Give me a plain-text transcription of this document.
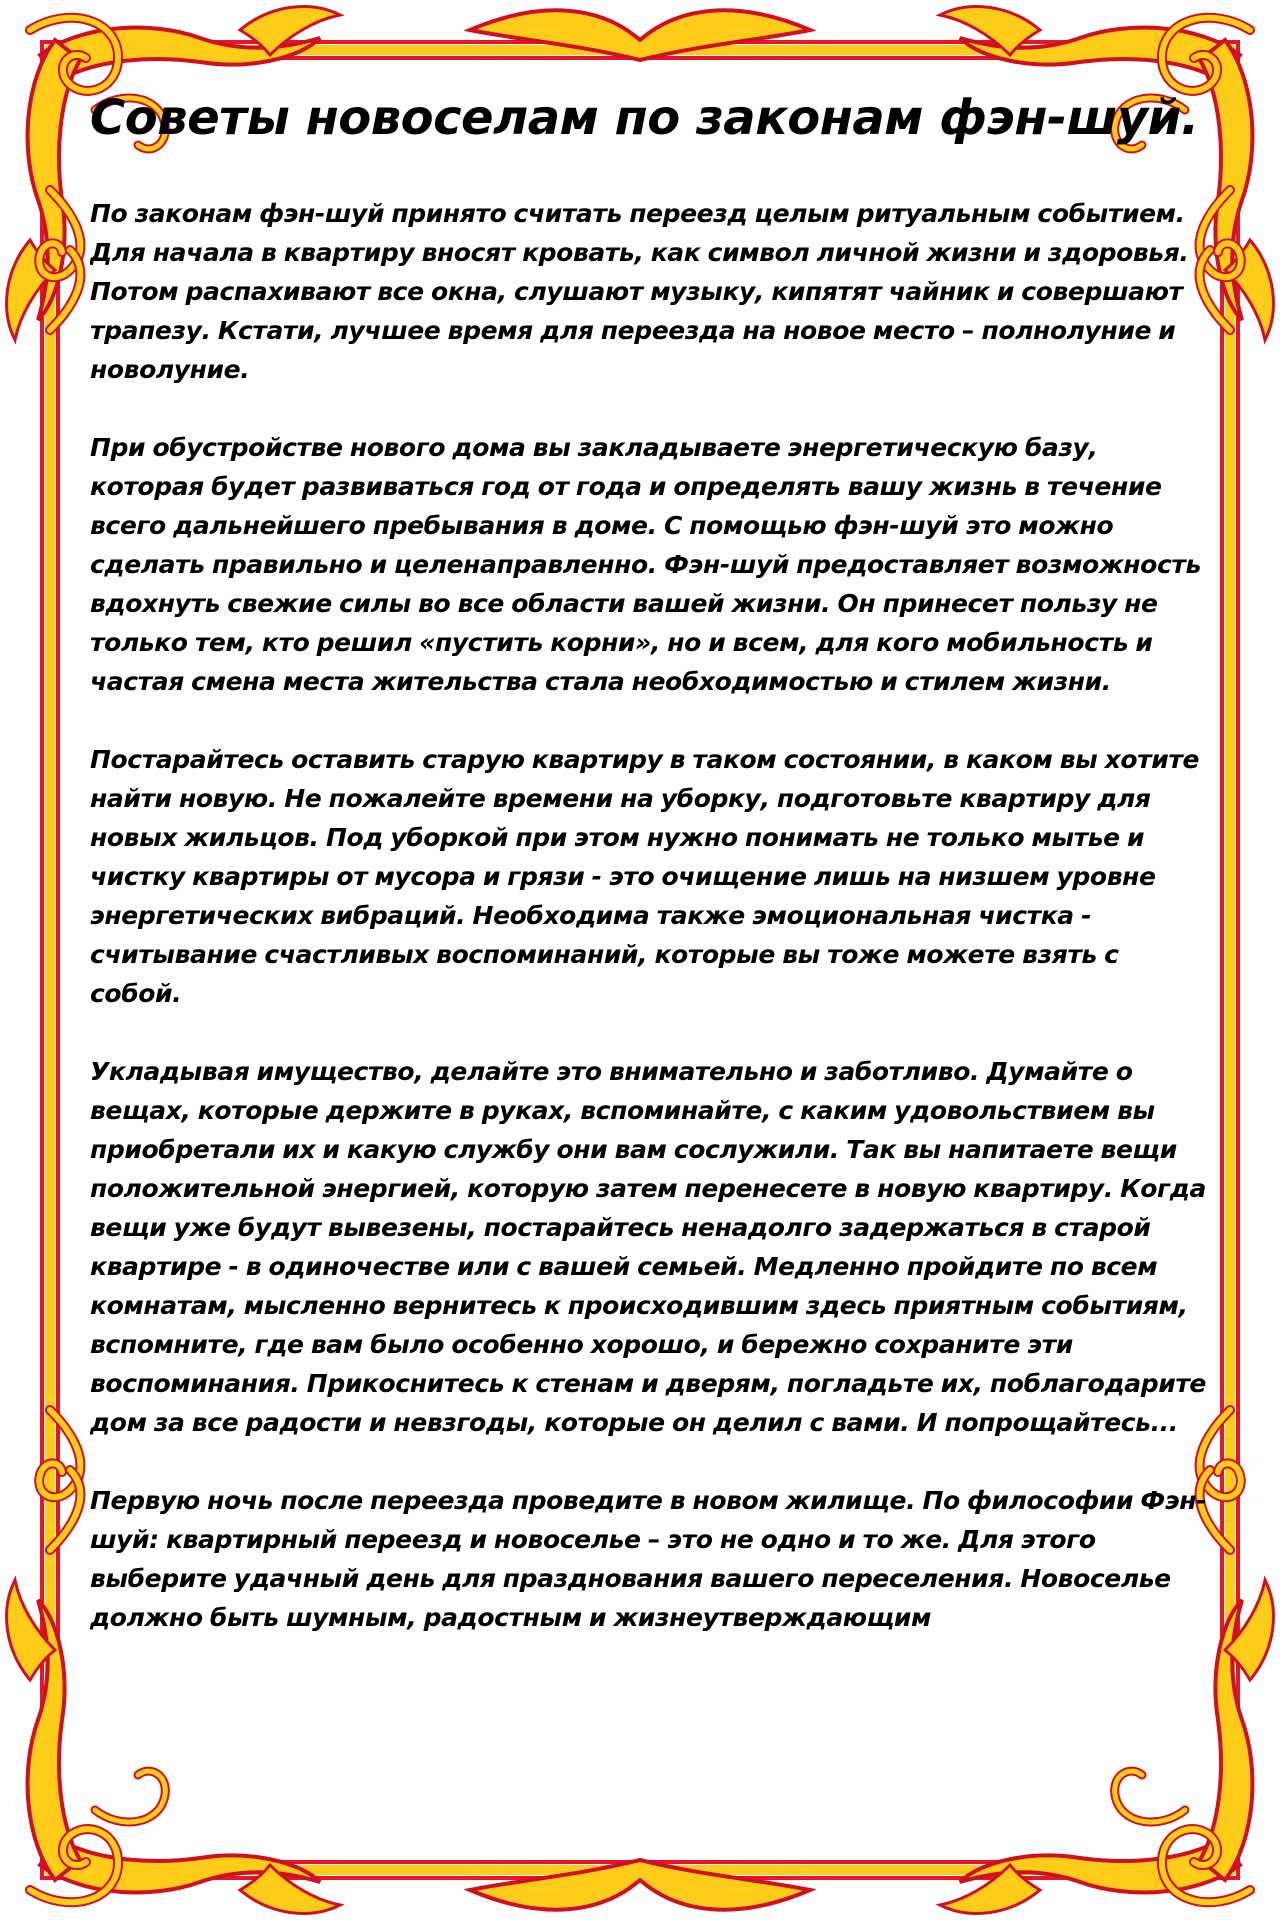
Советы новоселам по законам фэн-шуй.

По законам фэн-шуй принято считать переезд целым ритуальным событием. Для начала в квартиру вносят кровать, как символ личной жизни и здоровья. Потом распахивают все окна, слушают музыку, кипятят чайник и совершают трапезу. Кстати, лучшее время для переезда на новое место – полнолуние и новолуние.

При обустройстве нового дома вы закладываете энергетическую базу, которая будет развиваться год от года и определять вашу жизнь в течение всего дальнейшего пребывания в доме. С помощью фэн-шуй это можно сделать правильно и целенаправленно. Фэн-шуй предоставляет возможность вдохнуть свежие силы во все области вашей жизни. Он принесет пользу не только тем, кто решил «пустить корни», но и всем, для кого мобильность и частая смена места жительства стала необходимостью и стилем жизни.

Постарайтесь оставить старую квартиру в таком состоянии, в каком вы хотите найти новую. Не пожалейте времени на уборку, подготовьте квартиру для новых жильцов. Под уборкой при этом нужно понимать не только мытье и чистку квартиры от мусора и грязи - это очищение лишь на низшем уровне энергетических вибраций. Необходима также эмоциональная чистка - считывание счастливых воспоминаний, которые вы тоже можете взять с собой.

Укладывая имущество, делайте это внимательно и заботливо. Думайте о вещах, которые держите в руках, вспоминайте, с каким удовольствием вы приобретали их и какую службу они вам сослужили. Так вы напитаете вещи положительной энергией, которую затем перенесете в новую квартиру. Когда вещи уже будут вывезены, постарайтесь ненадолго задержаться в старой квартире - в одиночестве или с вашей семьей. Медленно пройдите по всем комнатам, мысленно вернитесь к происходившим здесь приятным событиям, вспомните, где вам было особенно хорошо, и бережно сохраните эти воспоминания. Прикоснитесь к стенам и дверям, погладьте их, поблагодарите дом за все радости и невзгоды, которые он делил с вами. И попрощайтесь...

Первую ночь после переезда проведите в новом жилище. По философии Фэн-шуй: квартирный переезд и новоселье – это не одно и то же. Для этого выберите удачный день для празднования вашего переселения. Новоселье должно быть шумным, радостным и жизнеутверждающим
